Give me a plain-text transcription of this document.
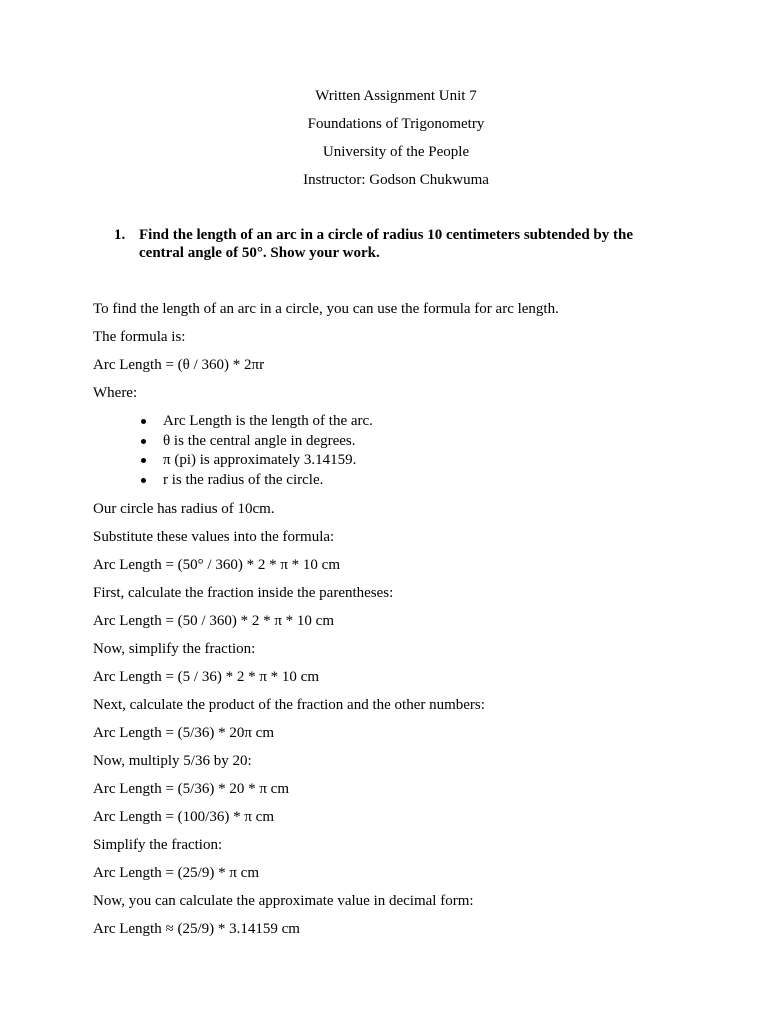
Written Assignment Unit 7
Foundations of Trigonometry
University of the People
Instructor: Godson Chukwuma
1. Find the length of an arc in a circle of radius 10 centimeters subtended by the central angle of 50°. Show your work.
To find the length of an arc in a circle, you can use the formula for arc length.
The formula is:
Arc Length = (θ / 360) * 2πr
Where:
Arc Length is the length of the arc.
θ is the central angle in degrees.
π (pi) is approximately 3.14159.
r is the radius of the circle.
Our circle has radius of 10cm.
Substitute these values into the formula:
Arc Length = (50° / 360) * 2 * π * 10 cm
First, calculate the fraction inside the parentheses:
Arc Length = (50 / 360) * 2 * π * 10 cm
Now, simplify the fraction:
Arc Length = (5 / 36) * 2 * π * 10 cm
Next, calculate the product of the fraction and the other numbers:
Arc Length = (5/36) * 20π cm
Now, multiply 5/36 by 20:
Arc Length = (5/36) * 20 * π cm
Arc Length = (100/36) * π cm
Simplify the fraction:
Arc Length = (25/9) * π cm
Now, you can calculate the approximate value in decimal form:
Arc Length ≈ (25/9) * 3.14159 cm
